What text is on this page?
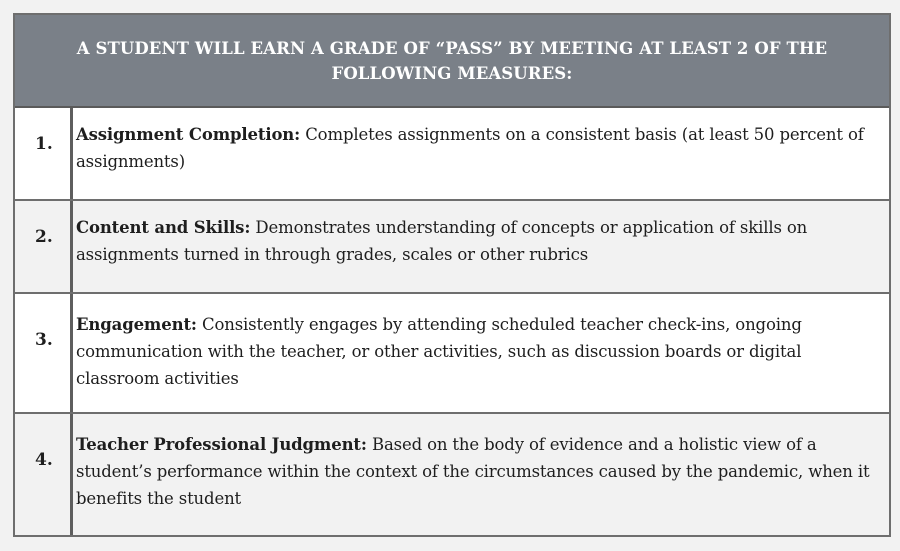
A STUDENT WILL EARN A GRADE OF “PASS” BY MEETING AT LEAST 2 OF THE FOLLOWING MEASURES:
1.	Assignment Completion: Completes assignments on a consistent basis (at least 50 percent of assignments)
2.	Content and Skills: Demonstrates understanding of concepts or application of skills on assignments turned in through grades, scales or other rubrics
3.
Engagement: Consistently engages by attending scheduled teacher check-ins, ongoing communication with the teacher, or other activities, such as discussion boards or digital classroom activities
4.
Teacher Professional Judgment: Based on the body of evidence and a holistic view of a student’s performance within the context of the circumstances caused by the pandemic, when it benefits the student
